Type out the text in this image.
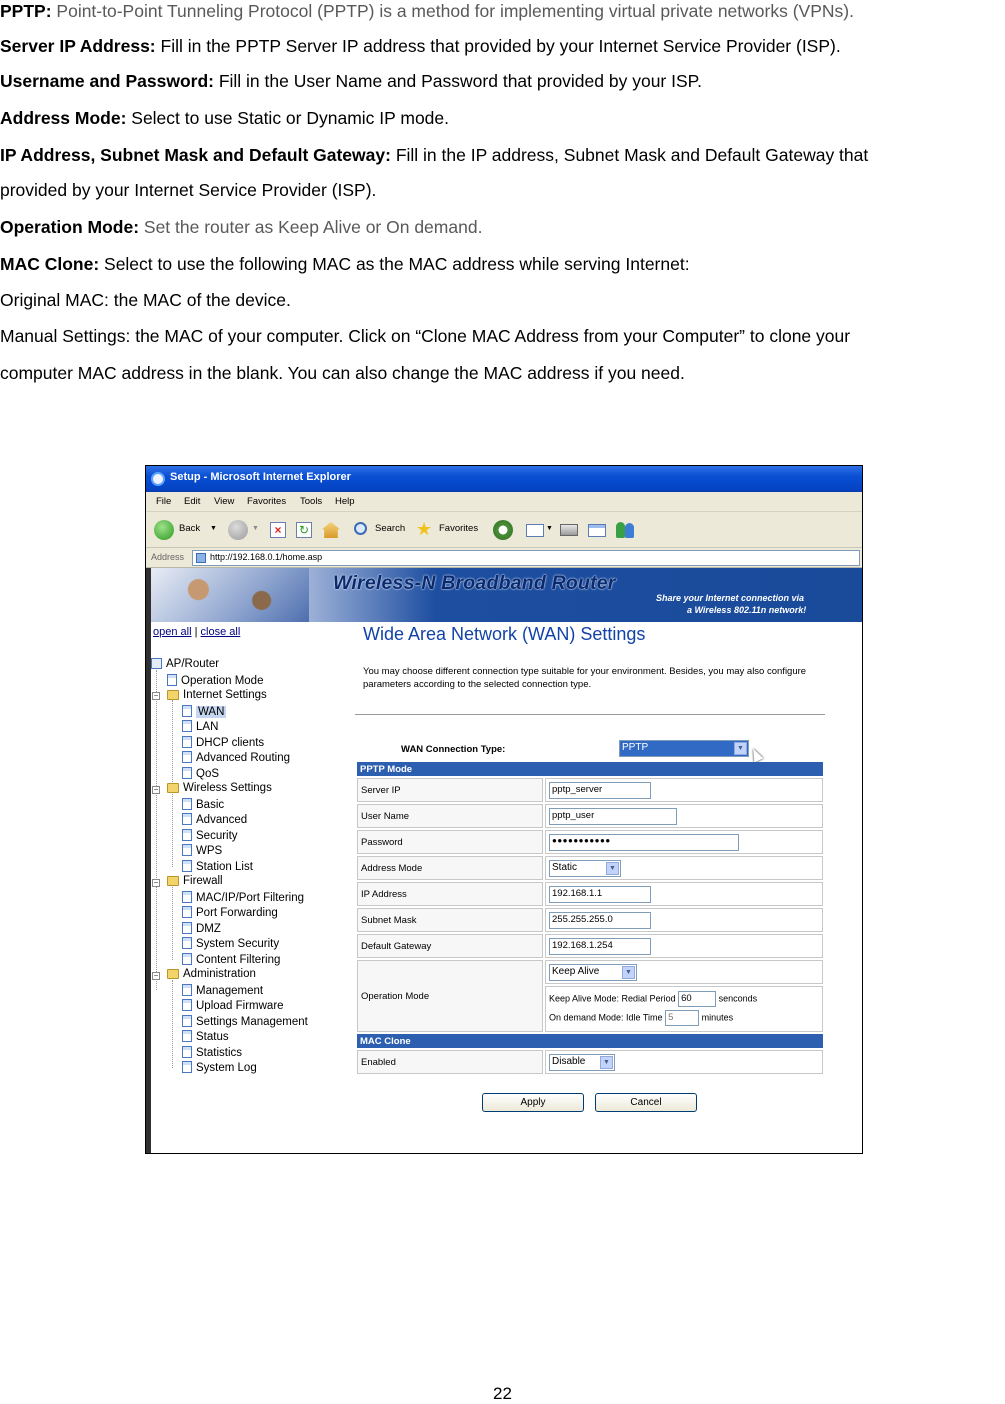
PPTP: Point-to-Point Tunneling Protocol (PPTP) is a method for implementing virtual private networks (VPNs).

Server IP Address: Fill in the PPTP Server IP address that provided by your Internet Service Provider (ISP).

Username and Password: Fill in the User Name and Password that provided by your ISP.

Address Mode: Select to use Static or Dynamic IP mode.

IP Address, Subnet Mask and Default Gateway: Fill in the IP address, Subnet Mask and Default Gateway that

provided by your Internet Service Provider (ISP).

Operation Mode: Set the router as Keep Alive or On demand.

MAC Clone: Select to use the following MAC as the MAC address while serving Internet:

Original MAC: the MAC of the device.

Manual Settings: the MAC of your computer. Click on “Clone MAC Address from your Computer” to clone your

computer MAC address in the blank. You can also change the MAC address if you need.

Setup - Microsoft Internet Explorer
File Edit View Favorites Tools Help
Back ▼	▼	×	↻	Search ★ Favorites	▼
Address	http://192.168.0.1/home.asp
Wireless-N Broadband Router
Share your Internet connection via
a Wireless 802.11n network!
open all | close all
AP/Router
Operation Mode
−	Internet Settings
WAN
LAN
DHCP clients
Advanced Routing
QoS
−	Wireless Settings
Basic
Advanced
Security
WPS
Station List
−	Firewall
MAC/IP/Port Filtering
Port Forwarding
DMZ
System Security
Content Filtering
−	Administration
Management
Upload Firmware
Settings Management
Status
Statistics
System Log
Wide Area Network (WAN) Settings
You may choose different connection type suitable for your environment. Besides, you may also configure parameters according to the selected connection type.
WAN Connection Type:	PPTP	▼
PPTP Mode	
Server IP	pptp_server
User Name	pptp_user
Password	●●●●●●●●●●●
Address Mode	Static ▼

IP Address	192.168.1.1
Subnet Mask	255.255.255.0
Default Gateway	192.168.1.254
Operation Mode	Keep Alive ▼
Keep Alive Mode: Redial Period 60 senconds
On demand Mode: Idle Time 5 minutes

MAC Clone	
Enabled	Disable ▼
Apply	Cancel
22
